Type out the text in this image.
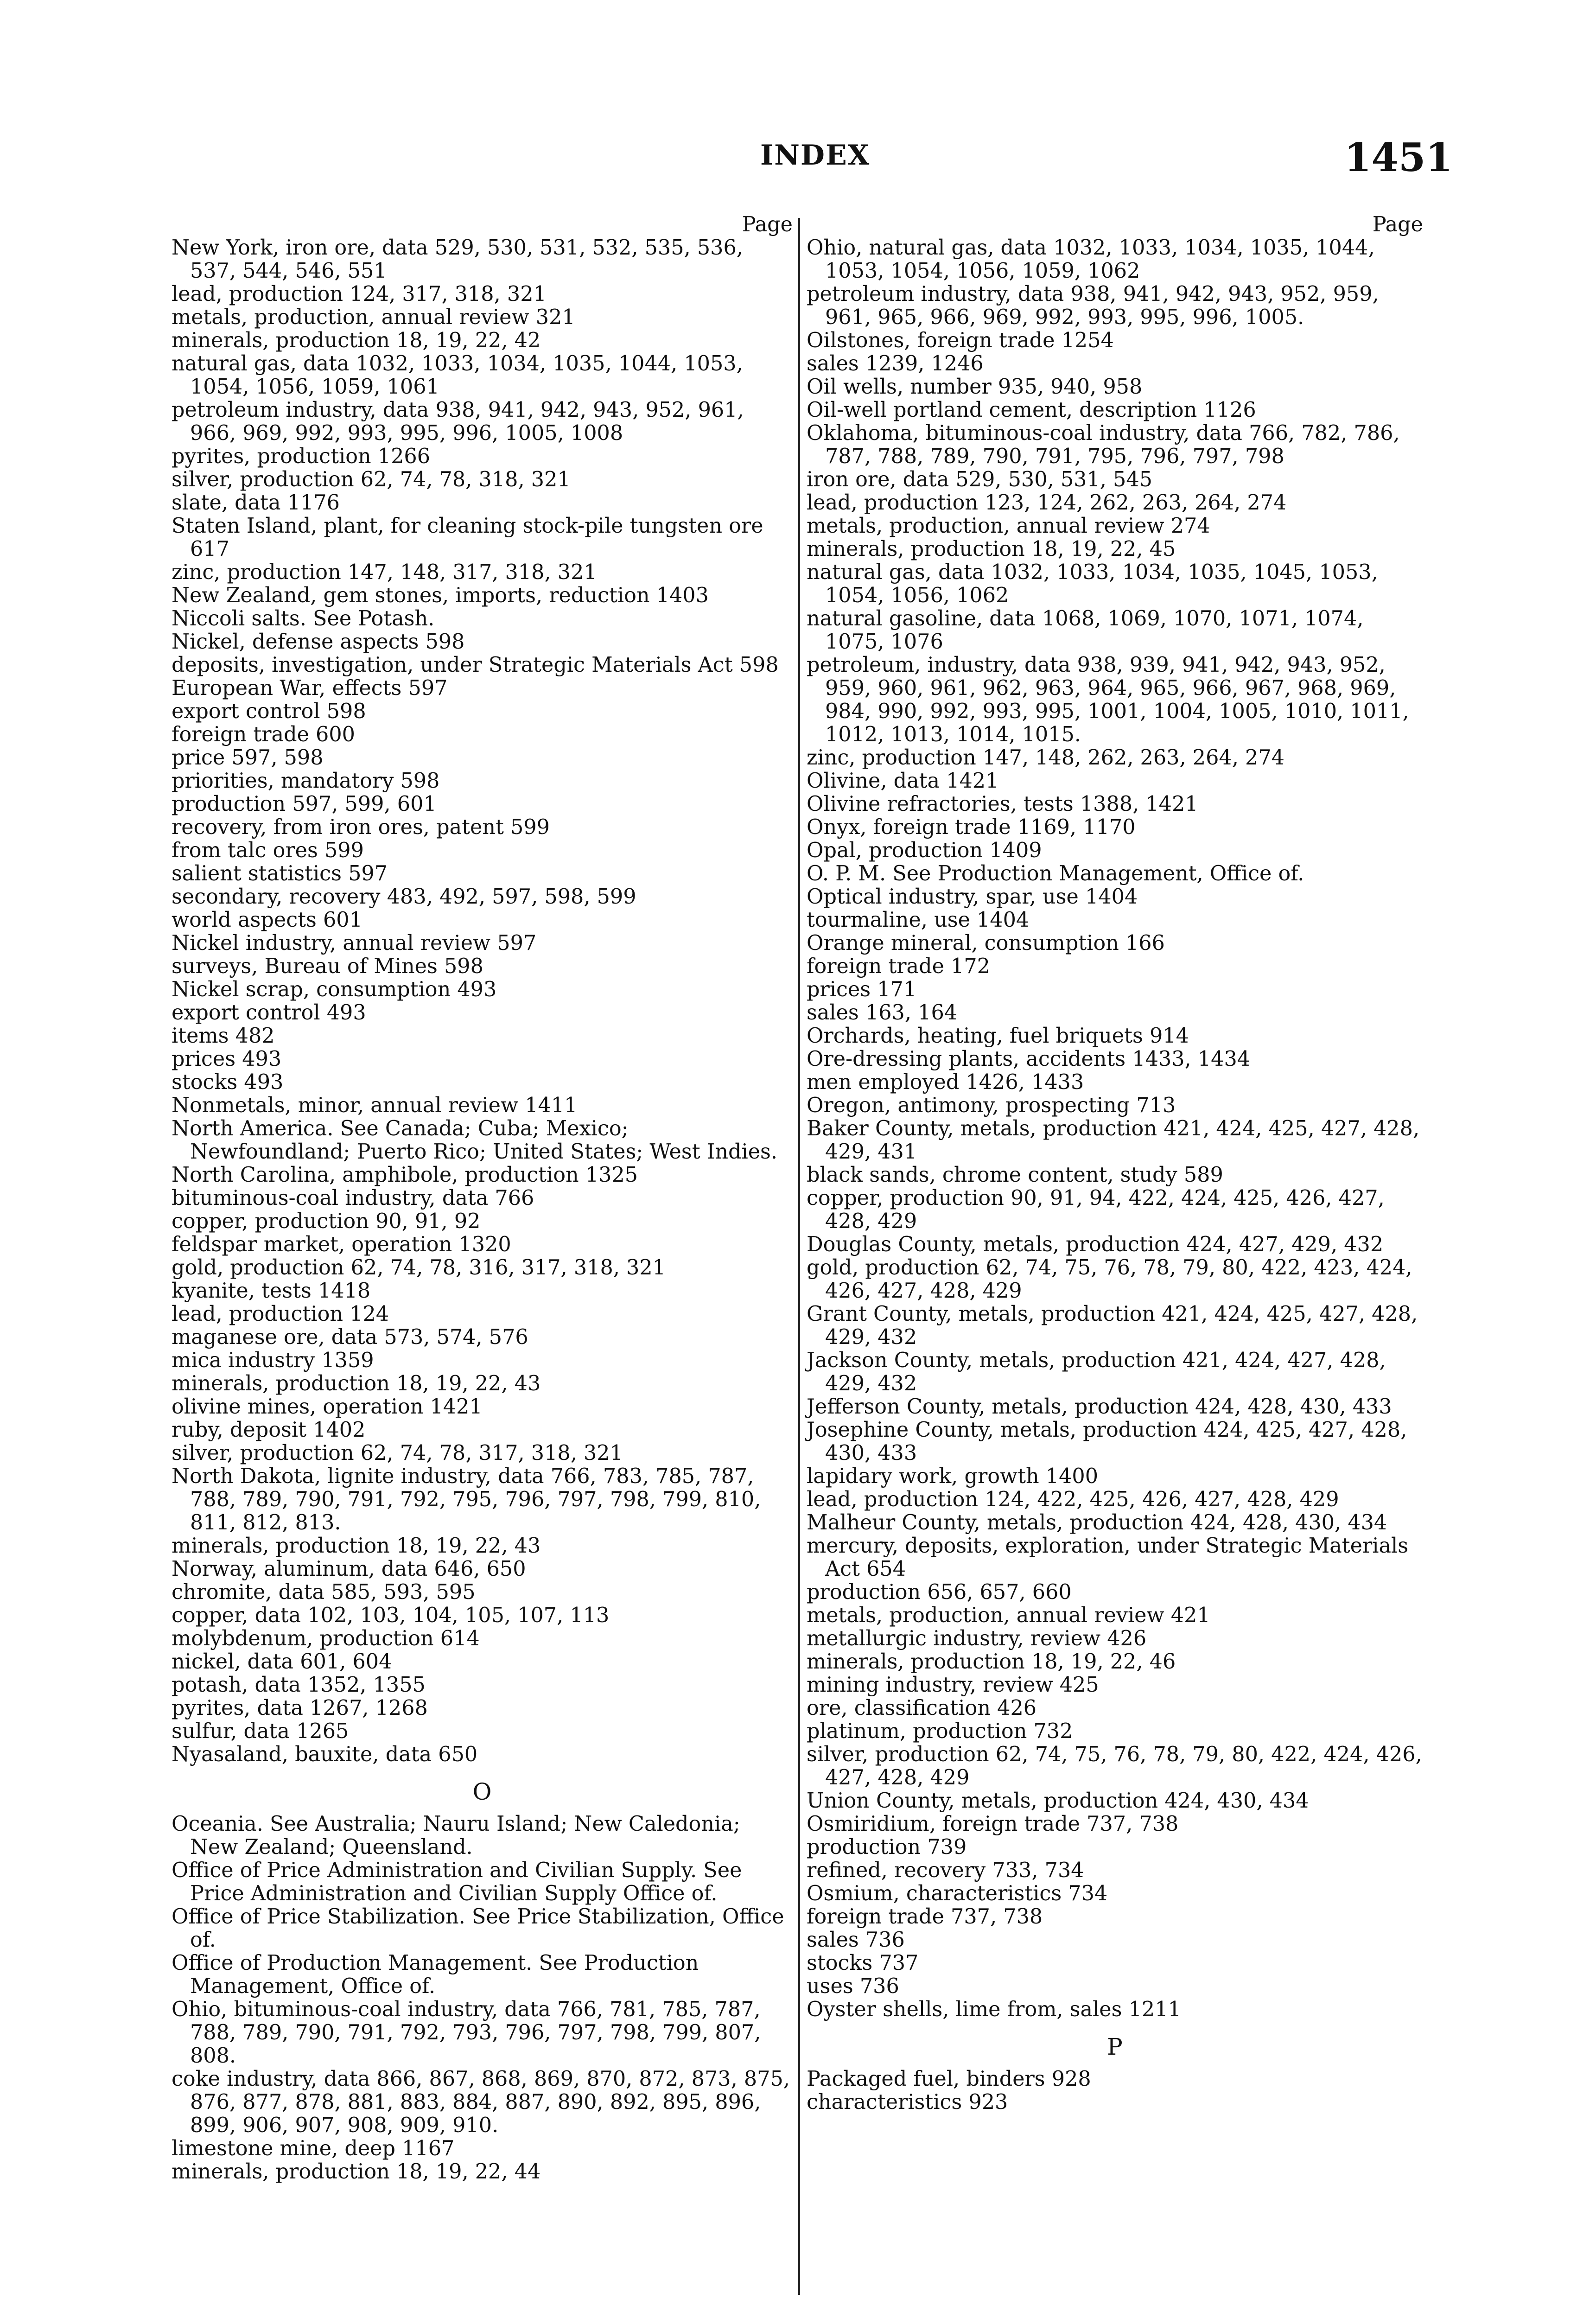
INDEX	1451
Page
New York, iron ore, data 529, 530, 531, 532, 535, 536, 537, 544, 546, 551
lead, production 124, 317, 318, 321
metals, production, annual review 321
minerals, production 18, 19, 22, 42
natural gas, data 1032, 1033, 1034, 1035, 1044, 1053, 1054, 1056, 1059, 1061
petroleum industry, data 938, 941, 942, 943, 952, 961, 966, 969, 992, 993, 995, 996, 1005, 1008
pyrites, production 1266
silver, production 62, 74, 78, 318, 321
slate, data 1176
Staten Island, plant, for cleaning stock-pile tungsten ore 617
zinc, production 147, 148, 317, 318, 321
New Zealand, gem stones, imports, reduction 1403
Niccoli salts. See Potash.
Nickel, defense aspects 598
deposits, investigation, under Strategic Materials Act 598
European War, effects 597
export control 598
foreign trade 600
price 597, 598
priorities, mandatory 598
production 597, 599, 601
recovery, from iron ores, patent 599
from talc ores 599
salient statistics 597
secondary, recovery 483, 492, 597, 598, 599
world aspects 601
Nickel industry, annual review 597
surveys, Bureau of Mines 598
Nickel scrap, consumption 493
export control 493
items 482
prices 493
stocks 493
Nonmetals, minor, annual review 1411
North America. See Canada; Cuba; Mexico; Newfoundland; Puerto Rico; United States; West Indies.
North Carolina, amphibole, production 1325
bituminous-coal industry, data 766
copper, production 90, 91, 92
feldspar market, operation 1320
gold, production 62, 74, 78, 316, 317, 318, 321
kyanite, tests 1418
lead, production 124
maganese ore, data 573, 574, 576
mica industry 1359
minerals, production 18, 19, 22, 43
olivine mines, operation 1421
ruby, deposit 1402
silver, production 62, 74, 78, 317, 318, 321
North Dakota, lignite industry, data 766, 783, 785, 787, 788, 789, 790, 791, 792, 795, 796, 797, 798, 799, 810, 811, 812, 813.
minerals, production 18, 19, 22, 43
Norway, aluminum, data 646, 650
chromite, data 585, 593, 595
copper, data 102, 103, 104, 105, 107, 113
molybdenum, production 614
nickel, data 601, 604
potash, data 1352, 1355
pyrites, data 1267, 1268
sulfur, data 1265
Nyasaland, bauxite, data 650
O
Oceania. See Australia; Nauru Island; New Caledonia; New Zealand; Queensland.
Office of Price Administration and Civilian Supply. See Price Administration and Civilian Supply Office of.
Office of Price Stabilization. See Price Stabilization, Office of.
Office of Production Management. See Production Management, Office of.
Ohio, bituminous-coal industry, data 766, 781, 785, 787, 788, 789, 790, 791, 792, 793, 796, 797, 798, 799, 807, 808.
coke industry, data 866, 867, 868, 869, 870, 872, 873, 875, 876, 877, 878, 881, 883, 884, 887, 890, 892, 895, 896, 899, 906, 907, 908, 909, 910.
limestone mine, deep 1167
minerals, production 18, 19, 22, 44
Page
Ohio, natural gas, data 1032, 1033, 1034, 1035, 1044, 1053, 1054, 1056, 1059, 1062
petroleum industry, data 938, 941, 942, 943, 952, 959, 961, 965, 966, 969, 992, 993, 995, 996, 1005.
Oilstones, foreign trade 1254
sales 1239, 1246
Oil wells, number 935, 940, 958
Oil-well portland cement, description 1126
Oklahoma, bituminous-coal industry, data 766, 782, 786, 787, 788, 789, 790, 791, 795, 796, 797, 798
iron ore, data 529, 530, 531, 545
lead, production 123, 124, 262, 263, 264, 274
metals, production, annual review 274
minerals, production 18, 19, 22, 45
natural gas, data 1032, 1033, 1034, 1035, 1045, 1053, 1054, 1056, 1062
natural gasoline, data 1068, 1069, 1070, 1071, 1074, 1075, 1076
petroleum, industry, data 938, 939, 941, 942, 943, 952, 959, 960, 961, 962, 963, 964, 965, 966, 967, 968, 969, 984, 990, 992, 993, 995, 1001, 1004, 1005, 1010, 1011, 1012, 1013, 1014, 1015.
zinc, production 147, 148, 262, 263, 264, 274
Olivine, data 1421
Olivine refractories, tests 1388, 1421
Onyx, foreign trade 1169, 1170
Opal, production 1409
O. P. M. See Production Management, Office of.
Optical industry, spar, use 1404
tourmaline, use 1404
Orange mineral, consumption 166
foreign trade 172
prices 171
sales 163, 164
Orchards, heating, fuel briquets 914
Ore-dressing plants, accidents 1433, 1434
men employed 1426, 1433
Oregon, antimony, prospecting 713
Baker County, metals, production 421, 424, 425, 427, 428, 429, 431
black sands, chrome content, study 589
copper, production 90, 91, 94, 422, 424, 425, 426, 427, 428, 429
Douglas County, metals, production 424, 427, 429, 432
gold, production 62, 74, 75, 76, 78, 79, 80, 422, 423, 424, 426, 427, 428, 429
Grant County, metals, production 421, 424, 425, 427, 428, 429, 432
Jackson County, metals, production 421, 424, 427, 428, 429, 432
Jefferson County, metals, production 424, 428, 430, 433
Josephine County, metals, production 424, 425, 427, 428, 430, 433
lapidary work, growth 1400
lead, production 124, 422, 425, 426, 427, 428, 429
Malheur County, metals, production 424, 428, 430, 434
mercury, deposits, exploration, under Strategic Materials Act 654
production 656, 657, 660
metals, production, annual review 421
metallurgic industry, review 426
minerals, production 18, 19, 22, 46
mining industry, review 425
ore, classification 426
platinum, production 732
silver, production 62, 74, 75, 76, 78, 79, 80, 422, 424, 426, 427, 428, 429
Union County, metals, production 424, 430, 434
Osmiridium, foreign trade 737, 738
production 739
refined, recovery 733, 734
Osmium, characteristics 734
foreign trade 737, 738
sales 736
stocks 737
uses 736
Oyster shells, lime from, sales 1211
P
Packaged fuel, binders 928
characteristics 923
